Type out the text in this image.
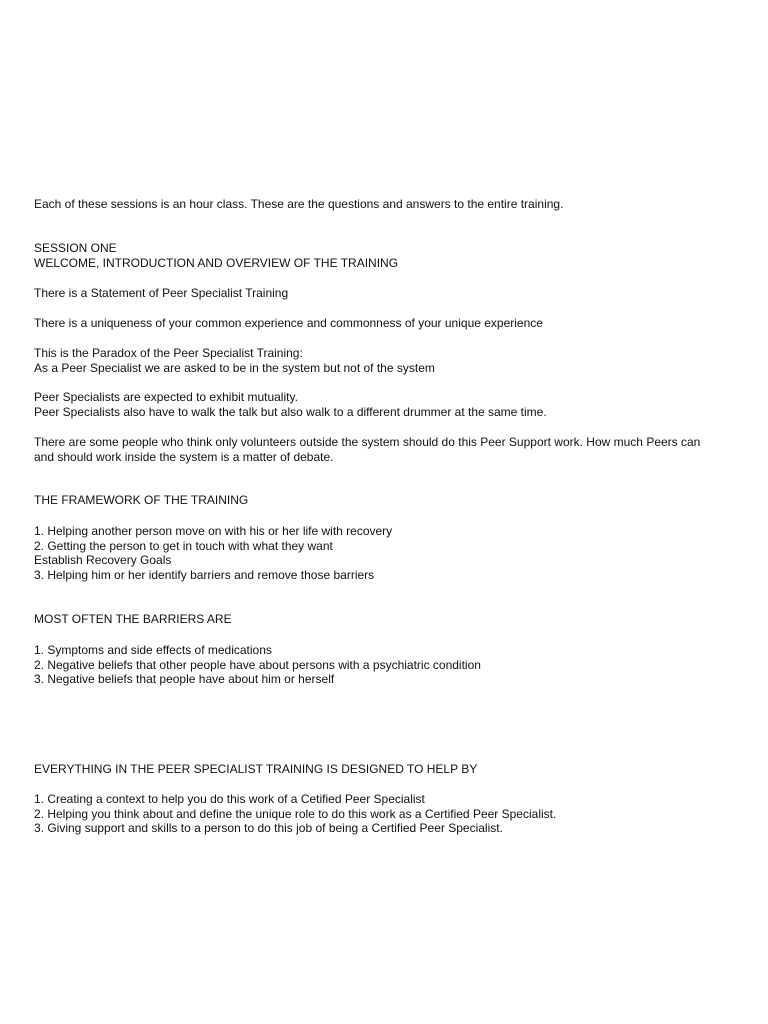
Each of these sessions is an hour class. These are the questions and answers to the entire training.
SESSION ONE
WELCOME, INTRODUCTION AND OVERVIEW OF THE TRAINING
There is a Statement of Peer Specialist Training
There is a uniqueness of your common experience and commonness of your unique experience
This is the Paradox of the Peer Specialist Training:
As a Peer Specialist we are asked to be in the system but not of the system
Peer Specialists are expected to exhibit mutuality.
Peer Specialists also have to walk the talk but also walk to a different drummer at the same time.
There are some people who think only volunteers outside the system should do this Peer Support work. How much Peers can
and should work inside the system is a matter of debate.
THE FRAMEWORK OF THE TRAINING
1. Helping another person move on with his or her life with recovery
2. Getting the person to get in touch with what they want
Establish Recovery Goals
3. Helping him or her identify barriers and remove those barriers
MOST OFTEN THE BARRIERS ARE
1. Symptoms and side effects of medications
2. Negative beliefs that other people have about persons with a psychiatric condition
3. Negative beliefs that people have about him or herself
EVERYTHING IN THE PEER SPECIALIST TRAINING IS DESIGNED TO HELP BY
1. Creating a context to help you do this work of a Cetified Peer Specialist
2. Helping you think about and define the unique role to do this work as a Certified Peer Specialist.
3. Giving support and skills to a person to do this job of being a Certified Peer Specialist.
